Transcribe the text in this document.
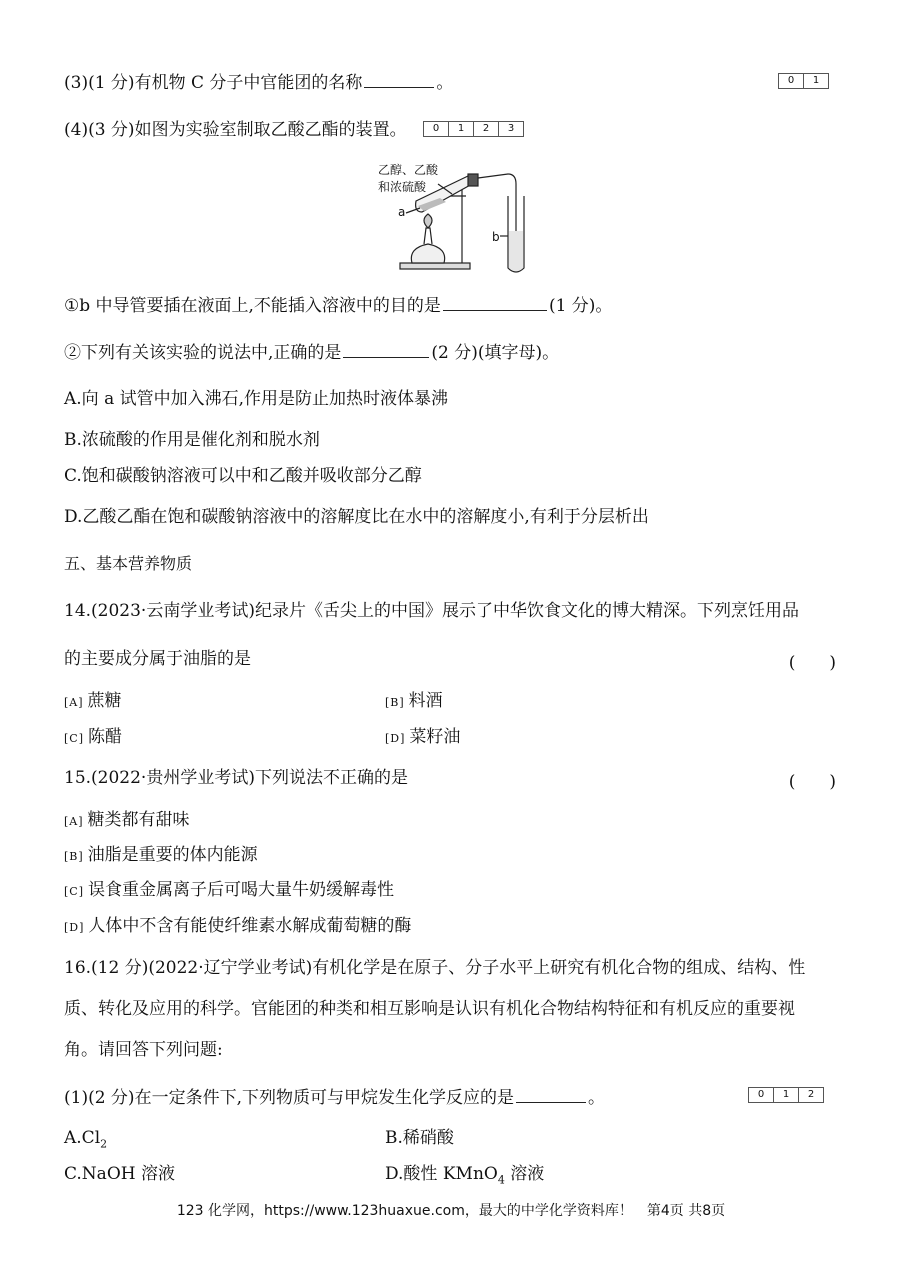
(3)(1 分)有机物 C 分子中官能团的名称	。	0	1
(4)(3 分)如图为实验室制取乙酸乙酯的装置。	0	1	2	3
乙醇、乙酸
和浓硫酸
a
b
①b 中导管要插在液面上,不能插入溶液中的目的是	(1 分)。
②下列有关该实验的说法中,正确的是	(2 分)(填字母)。
A.向 a 试管中加入沸石,作用是防止加热时液体暴沸
B.浓硫酸的作用是催化剂和脱水剂
C.饱和碳酸钠溶液可以中和乙酸并吸收部分乙醇
D.乙酸乙酯在饱和碳酸钠溶液中的溶解度比在水中的溶解度小,有利于分层析出
五、基本营养物质
14.(2023·云南学业考试)纪录片《舌尖上的中国》展示了中华饮食文化的博大精深。下列烹饪用品
的主要成分属于油脂的是	(　　)
[A] 蔗糖	[B] 料酒
[C] 陈醋	[D] 菜籽油
15.(2022·贵州学业考试)下列说法不正确的是	(　　)
[A] 糖类都有甜味
[B] 油脂是重要的体内能源
[C] 误食重金属离子后可喝大量牛奶缓解毒性
[D] 人体中不含有能使纤维素水解成葡萄糖的酶
16.(12 分)(2022·辽宁学业考试)有机化学是在原子、分子水平上研究有机化合物的组成、结构、性
质、转化及应用的科学。官能团的种类和相互影响是认识有机化合物结构特征和有机反应的重要视
角。请回答下列问题:
(1)(2 分)在一定条件下,下列物质可与甲烷发生化学反应的是	。	0	1	2
$A.Cl_2$	B.稀硝酸
C.NaOH 溶液	D.酸性 KMnO$_4$ 溶液
123 化学网，https://www.123huaxue.com，最大的中学化学资料库！　第4页 共8页
